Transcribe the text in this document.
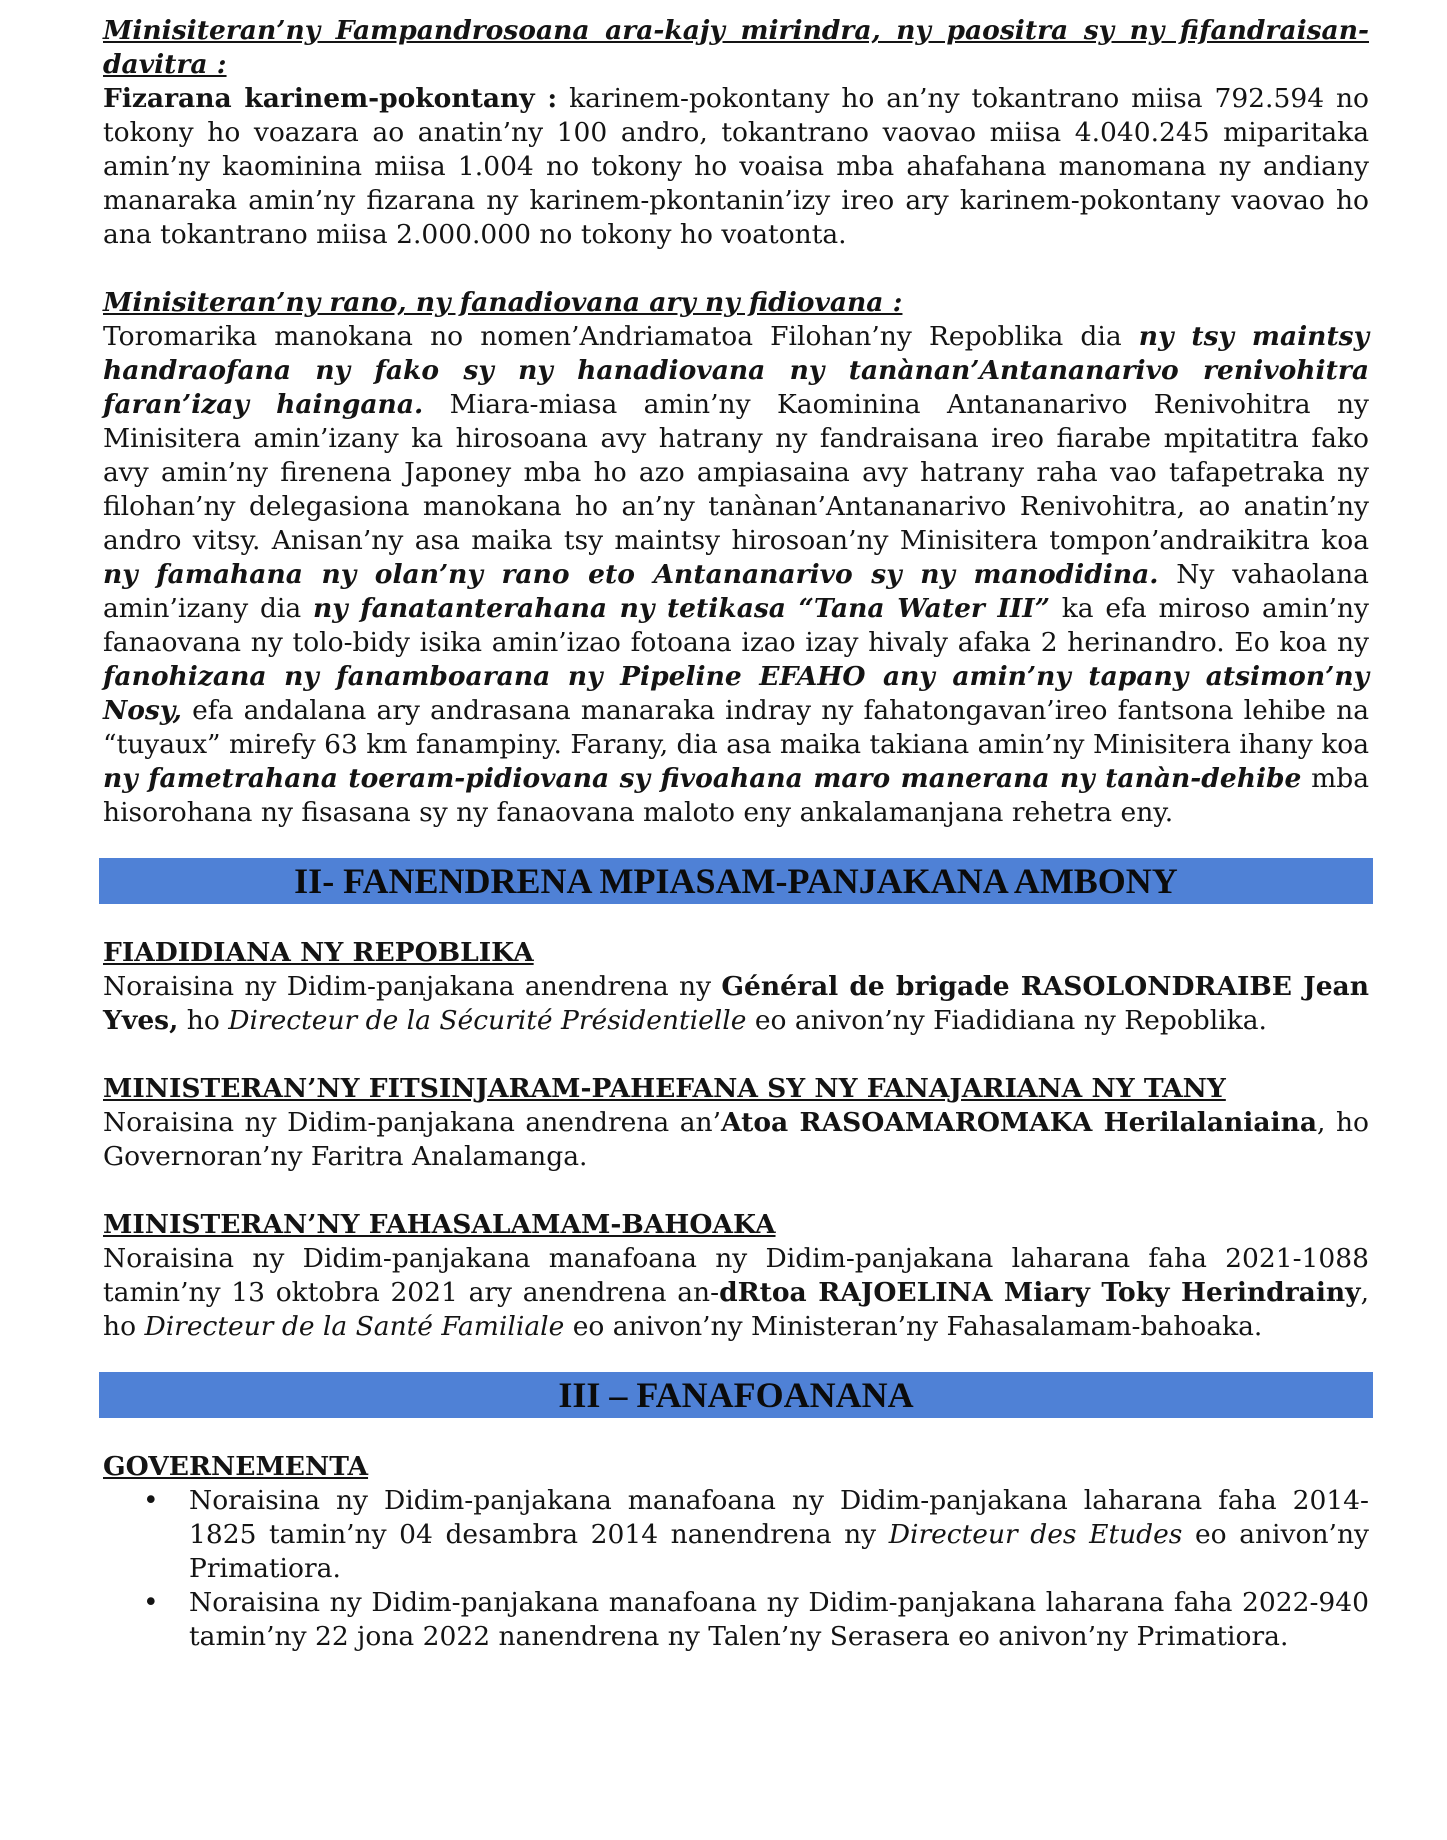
Minisiteran’ny Fampandrosoana ara-kajy mirindra, ny paositra sy ny fifandraisan-davitra :

Fizarana karinem-pokontany : karinem-pokontany ho an’ny tokantrano miisa 792.594 no tokony ho voazara ao anatin’ny 100 andro, tokantrano vaovao miisa 4.040.245 miparitaka amin’ny kaominina miisa 1.004 no tokony ho voaisa mba ahafahana manomana ny andiany manaraka amin’ny fizarana ny karinem-pkontanin’izy ireo ary karinem-pokontany vaovao ho ana tokantrano miisa 2.000.000 no tokony ho voatonta.

Minisiteran’ny rano, ny fanadiovana ary ny fidiovana :

Toromarika manokana no nomen’Andriamatoa Filohan’ny Repoblika dia ny tsy maintsy handraofana ny fako sy ny hanadiovana ny tanànan’Antananarivo renivohitra faran’izay haingana. Miara-miasa amin’ny Kaominina Antananarivo Renivohitra ny Minisitera amin’izany ka hirosoana avy hatrany ny fandraisana ireo fiarabe mpitatitra fako avy amin’ny firenena Japoney mba ho azo ampiasaina avy hatrany raha vao tafapetraka ny filohan’ny delegasiona manokana ho an’ny tanànan’Antananarivo Renivohitra, ao anatin’ny andro vitsy. Anisan’ny asa maika tsy maintsy hirosoan’ny Minisitera tompon’andraikitra koa ny famahana ny olan’ny rano eto Antananarivo sy ny manodidina. Ny vahaolana amin’izany dia ny fanatanterahana ny tetikasa “Tana Water III” ka efa miroso amin’ny fanaovana ny tolo-bidy isika amin’izao fotoana izao izay hivaly afaka 2 herinandro. Eo koa ny fanohizana ny fanamboarana ny Pipeline EFAHO any amin’ny tapany atsimon’ny Nosy, efa andalana ary andrasana manaraka indray ny fahatongavan’ireo fantsona lehibe na “tuyaux” mirefy 63 km fanampiny. Farany, dia asa maika takiana amin’ny Minisitera ihany koa ny fametrahana toeram-pidiovana sy fivoahana maro manerana ny tanàn-dehibe mba hisorohana ny fisasana sy ny fanaovana maloto eny ankalamanjana rehetra eny.

II- FANENDRENA MPIASAM-PANJAKANA AMBONY

FIADIDIANA NY REPOBLIKA

Noraisina ny Didim-panjakana anendrena ny Général de brigade RASOLONDRAIBE Jean Yves, ho Directeur de la Sécurité Présidentielle eo anivon’ny Fiadidiana ny Repoblika.

MINISTERAN’NY FITSINJARAM-PAHEFANA SY NY FANAJARIANA NY TANY

Noraisina ny Didim-panjakana anendrena an’Atoa RASOAMAROMAKA Herilalaniaina, ho Governoran’ny Faritra Analamanga.

MINISTERAN’NY FAHASALAMAM-BAHOAKA

Noraisina ny Didim-panjakana manafoana ny Didim-panjakana laharana faha 2021-1088 tamin’ny 13 oktobra 2021 ary anendrena an-dRtoa RAJOELINA Miary Toky Herindrainy, ho Directeur de la Santé Familiale eo anivon’ny Ministeran’ny Fahasalamam-bahoaka.

III – FANAFOANANA

GOVERNEMENTA

• Noraisina ny Didim-panjakana manafoana ny Didim-panjakana laharana faha 2014-1825 tamin’ny 04 desambra 2014 nanendrena ny Directeur des Etudes eo anivon’ny Primatiora.
• Noraisina ny Didim-panjakana manafoana ny Didim-panjakana laharana faha 2022-940 tamin’ny 22 jona 2022 nanendrena ny Talen’ny Serasera eo anivon’ny Primatiora.
